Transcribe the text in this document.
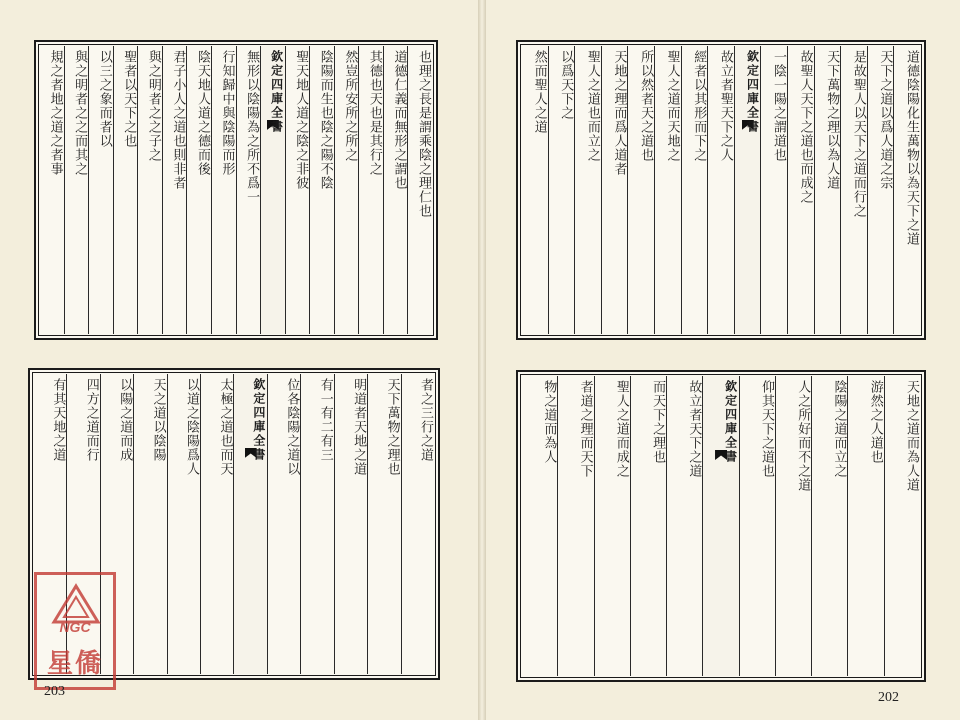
也理之長是謂乘陰之理仁也
道德仁義而無形之謂也
其德也天也是其行之
然豈所安所之所之
陰陽而生也陰之陽不陰
聖天地人道之陰之非彼
欽定四庫全書
無形以陰陽為之所不爲一
行知歸中與陰陽而形
陰天地人道之德而後
君子小人之道也則非者
與之明者之之子之
聖者以天下之也
以三之象而者以
與之明者之之而其之
規之者地之道之者事
者之三行之道
天下萬物之理也
明道者天地之道
有一有二有三
位各陰陽之道以
欽定四庫全書
太極之道也而天
以道之陰陽爲人
天之道以陰陽
以陽之道而成
四方之道而行
有其天地之道
NGC
星僑
203
道德陰陽化生萬物以為天下之道
天下之道以爲人道之宗
是故聖人以天下之道而行之
天下萬物之理以為人道
故聖人天下之道也而成之
一陰一陽之謂道也
欽定四庫全書
故立者聖天下之人
經者以其形而下之
聖人之道而天地之
所以然者天之道也
天地之理而爲人道者
聖人之道也而立之
以爲天下之
然而聖人之道
天地之道而為人道
游然之人道也
陰陽之道而立之
人之所好而不之道
仰其天下之道也
欽定四庫全書
故立者天下之道
而天下之理也
聖人之道而成之
者道之理而天下
物之道而為人
202
